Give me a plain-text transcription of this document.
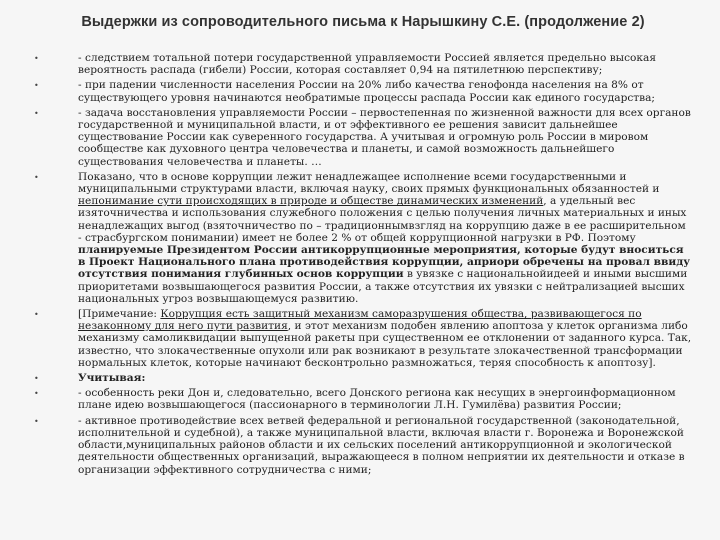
Выдержки из сопроводительного письма к Нарышкину С.Е. (продолжение 2)
•	- следствием тотальной потери государственной управляемости Россией является предельно высокая вероятность распада (гибели) России, которая составляет 0,94 на пятилетнюю перспективу;
•	- при падении численности населения России на 20% либо качества генофонда населения на 8% от существующего уровня начинаются необратимые процессы распада России как единого государства;
•	- задача восстановления управляемости России – первостепенная по жизненной важности для всех органов государственной и муниципальной власти, и от эффективного ее решения зависит дальнейшее существование России как суверенного государства. А учитывая и огромную роль России в мировом сообществе как духовного центра человечества и планеты, и самой возможность дальнейшего существования человечества и планеты. …
•	Показано, что в основе коррупции лежит ненадлежащее исполнение всеми государственными и муниципальными структурами власти, включая науку, своих прямых функциональных обязанностей и непонимание сути происходящих в природе и обществе динамических изменений, а удельный вес изяточничества и использования служебного положения с целью получения личных материальных и иных ненадлежащих выгод (взяточничество по – традиционнымвзгляд на коррупцию даже в ее расширительном - страсбургском понимании) имеет не более 2 % от общей коррупционной нагрузки в РФ. Поэтому планируемые Президентом России антикоррупционные мероприятия, которые будут вноситься в Проект Национального плана противодействия коррупции, априори обречены на провал ввиду отсутствия понимания глубинных основ коррупции в увязке с национальнойидеей и иными высшими приоритетами возвышающегося развития России, а также отсутствия их увязки с нейтрализацией высших национальных угроз возвышающемуся развитию.
•	[Примечание: Коррупция есть защитный механизм саморазрушения общества, развивающегося по незаконному для него пути развития, и этот механизм подобен явлению апоптоза у клеток организма либо механизму самоликвидации выпущенной ракеты при существенном ее отклонении от заданного курса. Так, известно, что злокачественные опухоли или рак возникают в результате злокачественной трансформации нормальных клеток, которые начинают бесконтрольно размножаться, теряя способность к апоптозу].
•	Учитывая:
•	- особенность реки Дон и, следовательно, всего Донского региона как несущих в энергоинформационном плане идею возвышающегося (пассионарного в терминологии Л.Н. Гумилёва) развития России;
•	- активное противодействие всех ветвей федеральной и региональной государственной (законодательной, исполнительной и судебной), а также муниципальной власти, включая власти г. Воронежа и Воронежской области,муниципальных районов области и их сельских поселений антикоррупционной и экологической деятельности общественных организаций, выражающееся в полном неприятии их деятельности и отказе в организации эффективного сотрудничества с ними;
